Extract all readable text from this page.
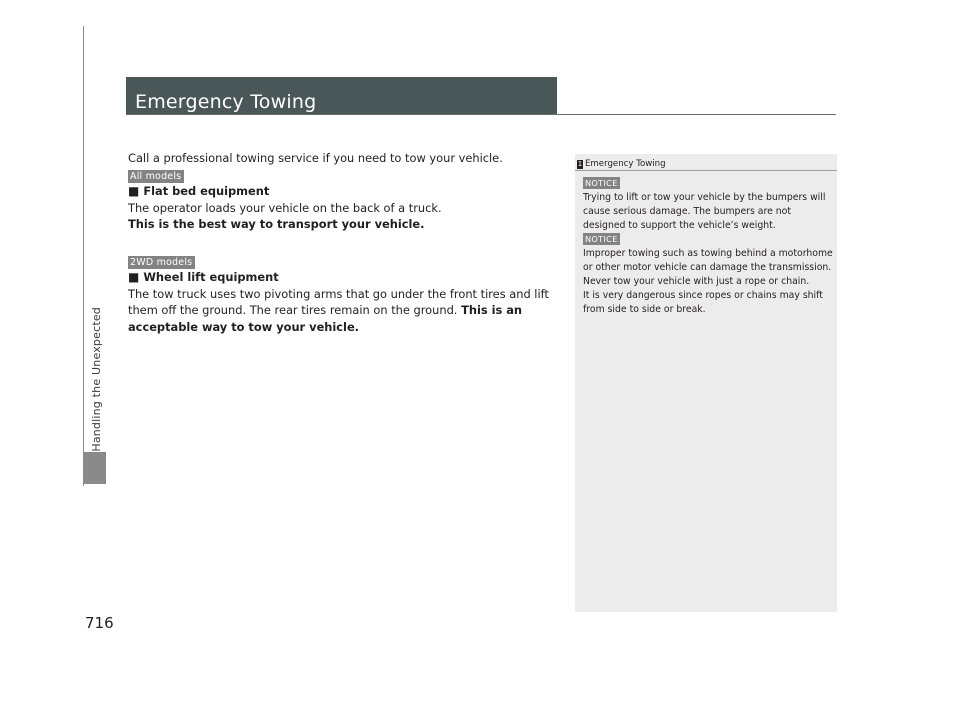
Handling the Unexpected
716
Emergency Towing

Call a professional towing service if you need to tow your vehicle.

All models

■ Flat bed equipment

The operator loads your vehicle on the back of a truck.

This is the best way to transport your vehicle.

2WD models

■ Wheel lift equipment

The tow truck uses two pivoting arms that go under the front tires and lift them off the ground. The rear tires remain on the ground. This is an acceptable way to tow your vehicle.

1 Emergency Towing
NOTICE

Trying to lift or tow your vehicle by the bumpers will cause serious damage. The bumpers are not designed to support the vehicle’s weight.

NOTICE

Improper towing such as towing behind a motorhome or other motor vehicle can damage the transmission.

Never tow your vehicle with just a rope or chain.

It is very dangerous since ropes or chains may shift from side to side or break.
